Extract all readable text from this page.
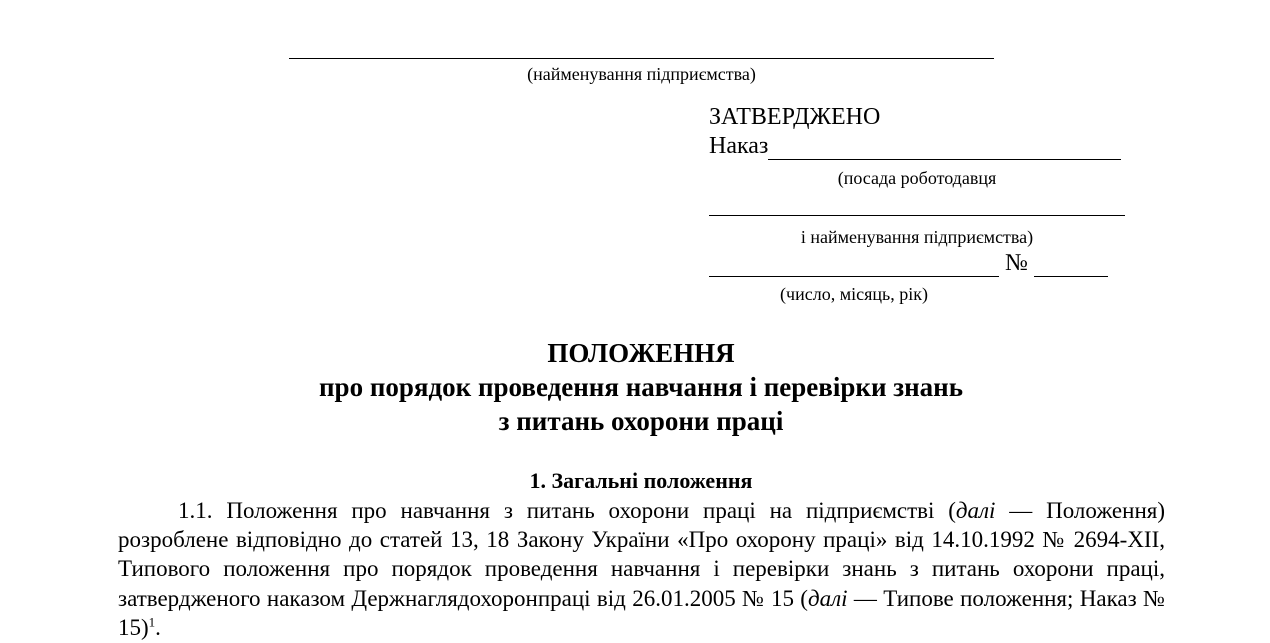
(найменування підприємства)
ЗАТВЕРДЖЕНО
Наказ
(посада роботодавця
і найменування підприємства)
№
(число, місяць, рік)
ПОЛОЖЕННЯ
про порядок проведення навчання і перевірки знань
з питань охорони праці
1. Загальні положення
1.1. Положення про навчання з питань охорони праці на підприємстві (далі — Положення) розроблене відповідно до статей 13, 18 Закону України «Про охорону праці» від 14.10.1992 № 2694-XII, Типового положення про порядок проведення навчання і перевірки знань з питань охорони праці, затвердженого наказом Держнаглядохоронпраці від 26.01.2005 № 15 (далі — Типове положення; Наказ № 15)$^1$.
